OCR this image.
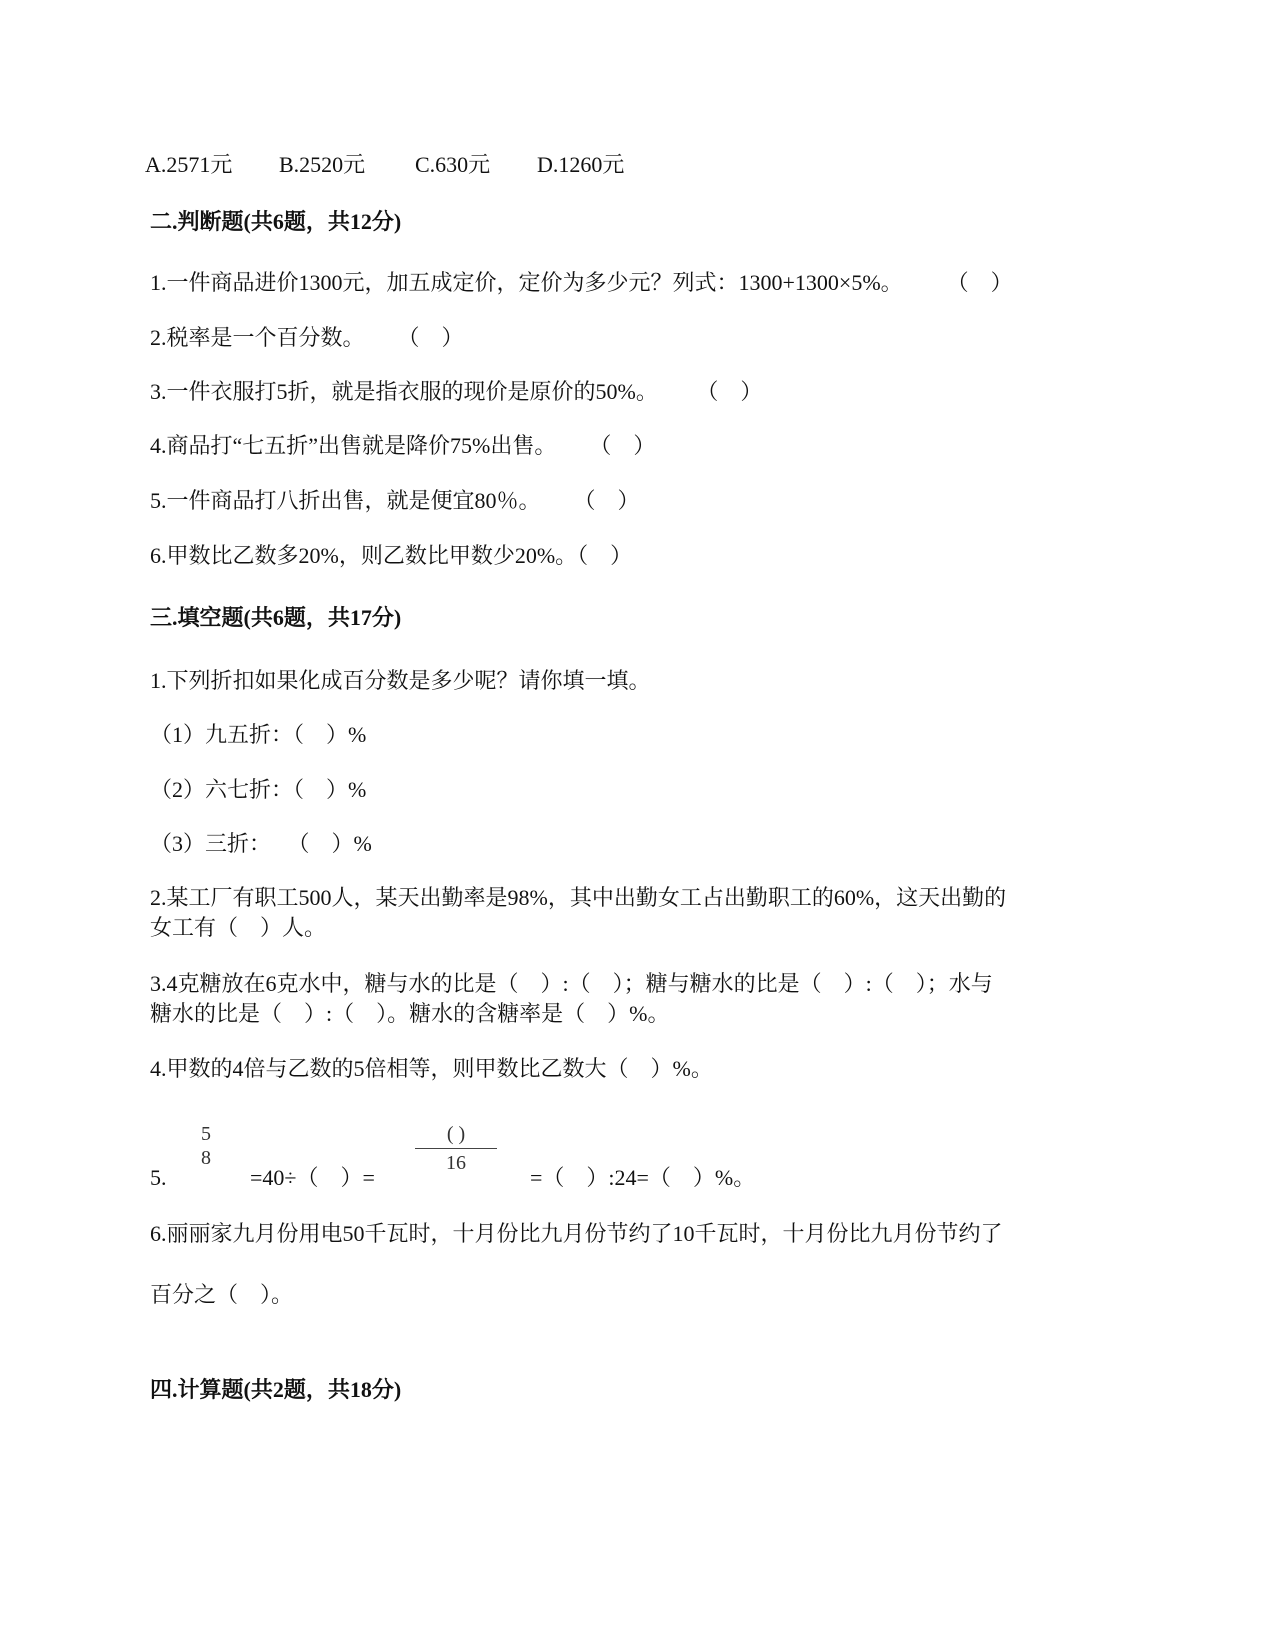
A.2571元 B.2520元 C.630元 D.1260元
二.判断题(共6题，共12分)
1.一件商品进价1300元，加五成定价，定价为多少元？列式：1300+1300×5%。        （    ）
2.税率是一个百分数。      （    ）
3.一件衣服打5折，就是指衣服的现价是原价的50%。       （    ）
4.商品打“七五折”出售就是降价75%出售。      （    ）
5.一件商品打八折出售，就是便宜80％。      （    ）
6.甲数比乙数多20%，则乙数比甲数少20%。（    ）
三.填空题(共6题，共17分)
1.下列折扣如果化成百分数是多少呢？请你填一填。
（1）九五折：（    ）%
（2）六七折：（    ）%
（3）三折：   （    ）%
2.某工厂有职工500人，某天出勤率是98%，其中出勤女工占出勤职工的60%，这天出勤的
女工有（    ）人。
3.4克糖放在6克水中，糖与水的比是（    ）:（    ）；糖与糖水的比是（    ）:（    ）；水与
糖水的比是（    ）:（    ）。糖水的含糖率是（    ）%。
4.甲数的4倍与乙数的5倍相等，则甲数比乙数大（    ）%。
5.
5
8
=40÷（    ）=
( )
16
=（    ）:24=（    ）%。
6.丽丽家九月份用电50千瓦时，十月份比九月份节约了10千瓦时，十月份比九月份节约了
百分之（    ）。
四.计算题(共2题，共18分)
